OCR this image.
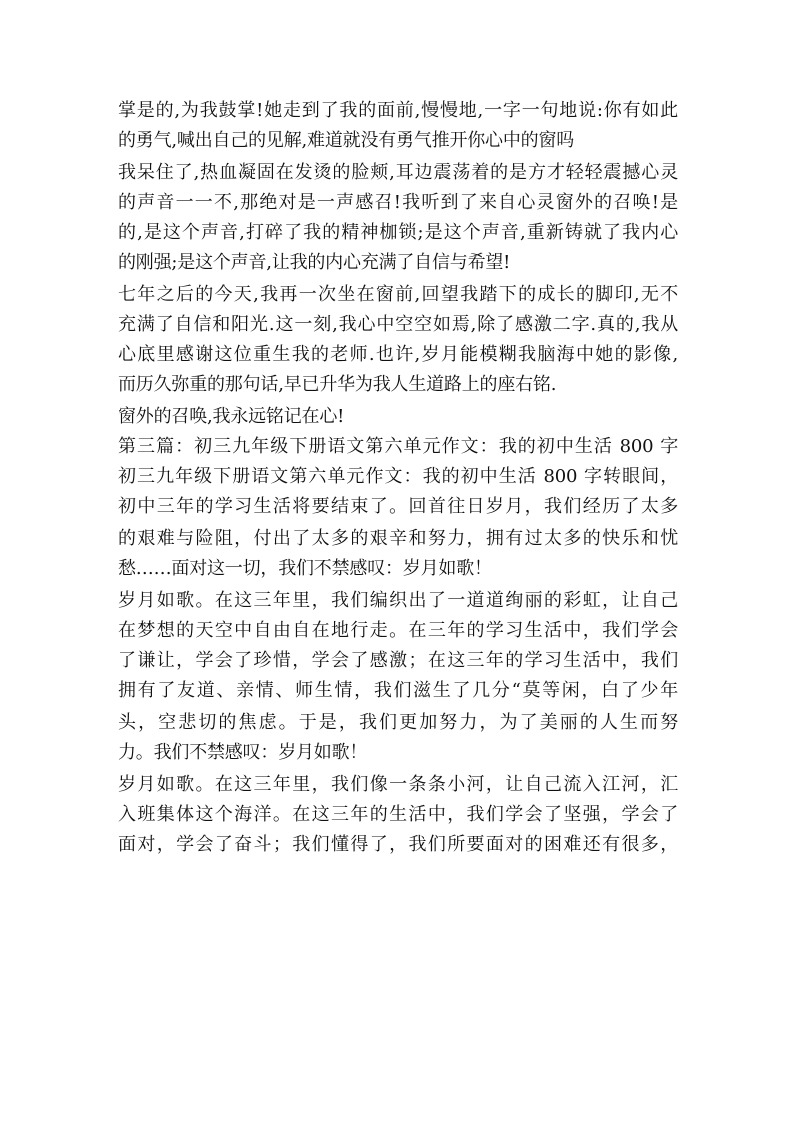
掌是的,为我鼓掌!她走到了我的面前,慢慢地,一字一句地说:你有如此
的勇气,喊出自己的见解,难道就没有勇气推开你心中的窗吗
我呆住了,热血凝固在发烫的脸颊,耳边震荡着的是方才轻轻震撼心灵
的声音一一不,那绝对是一声感召!我听到了来自心灵窗外的召唤!是
的,是这个声音,打碎了我的精神枷锁;是这个声音,重新铸就了我内心
的刚强;是这个声音,让我的内心充满了自信与希望!
七年之后的今天,我再一次坐在窗前,回望我踏下的成长的脚印,无不
充满了自信和阳光.这一刻,我心中空空如焉,除了感激二字.真的,我从
心底里感谢这位重生我的老师.也许,岁月能模糊我脑海中她的影像,
而历久弥重的那句话,早已升华为我人生道路上的座右铭.
窗外的召唤,我永远铭记在心!
第三篇：初三九年级下册语文第六单元作文：我的初中生活 800 字
初三九年级下册语文第六单元作文：我的初中生活 800 字转眼间，
初中三年的学习生活将要结束了。回首往日岁月，我们经历了太多
的艰难与险阻，付出了太多的艰辛和努力，拥有过太多的快乐和忧
愁……面对这一切，我们不禁感叹：岁月如歌！
岁月如歌。在这三年里，我们编织出了一道道绚丽的彩虹，让自己
在梦想的天空中自由自在地行走。在三年的学习生活中，我们学会
了谦让，学会了珍惜，学会了感激；在这三年的学习生活中，我们
拥有了友道、亲情、师生情，我们滋生了几分“莫等闲，白了少年
头，空悲切的焦虑。于是，我们更加努力，为了美丽的人生而努
力。我们不禁感叹：岁月如歌！
岁月如歌。在这三年里，我们像一条条小河，让自己流入江河，汇
入班集体这个海洋。在这三年的生活中，我们学会了坚强，学会了
面对，学会了奋斗；我们懂得了，我们所要面对的困难还有很多，
